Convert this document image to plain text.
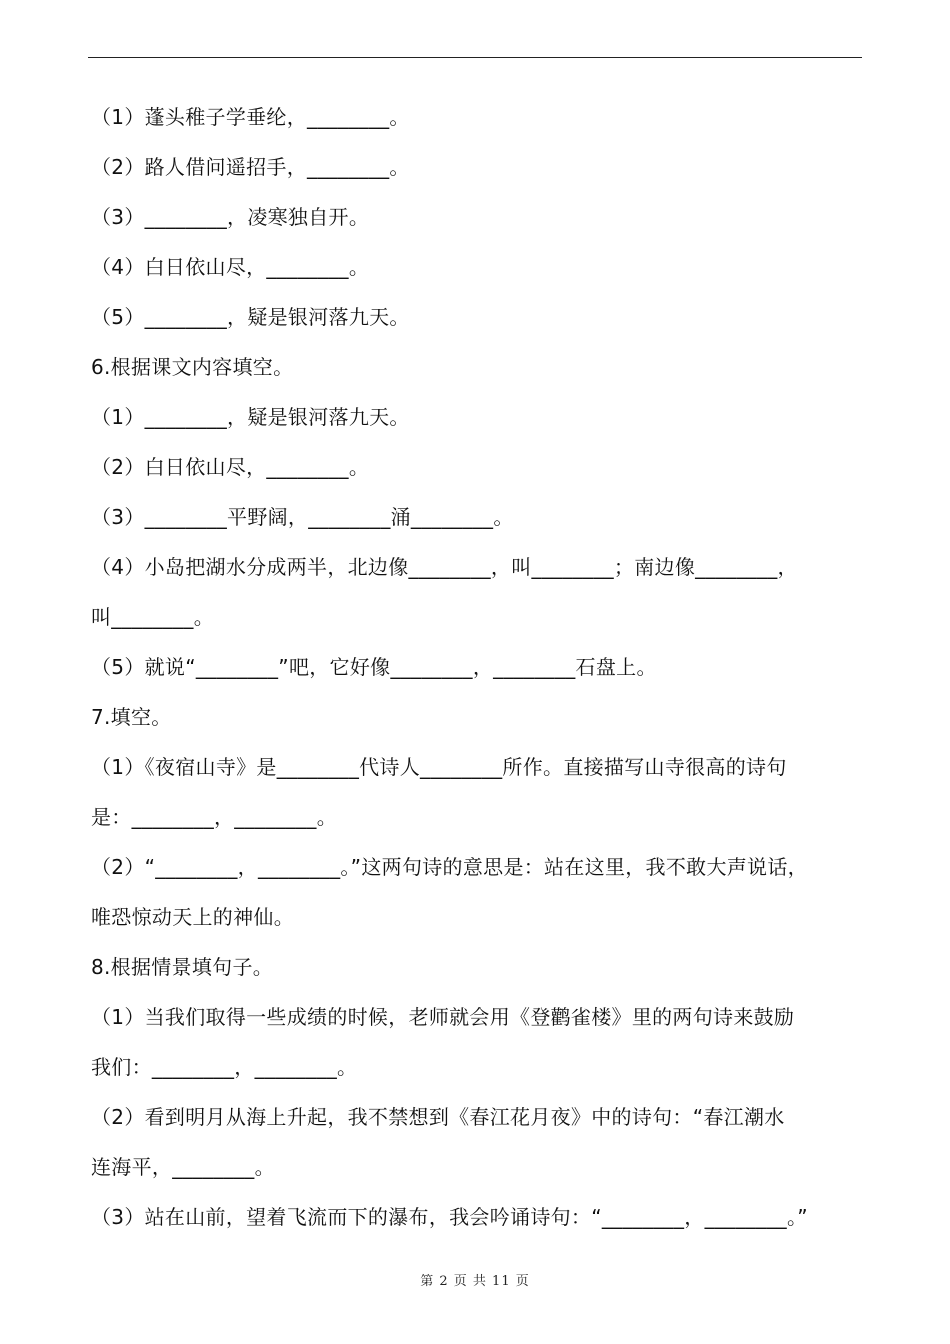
（1）蓬头稚子学垂纶，________。
（2）路人借问遥招手，________。
（3）________，凌寒独自开。
（4）白日依山尽，________。
（5）________，疑是银河落九天。
6.根据课文内容填空。
（1）________，疑是银河落九天。
（2）白日依山尽，________。
（3）________平野阔，________涌________。
（4）小岛把湖水分成两半，北边像________，叫________；南边像________，
叫________。
（5）就说“________”吧，它好像________，________石盘上。
7.填空。
（1）《夜宿山寺》是________代诗人________所作。直接描写山寺很高的诗句
是：________，________。
（2）“________，________。”这两句诗的意思是：站在这里，我不敢大声说话，
唯恐惊动天上的神仙。
8.根据情景填句子。
（1）当我们取得一些成绩的时候，老师就会用《登鹳雀楼》里的两句诗来鼓励
我们：________，________。
（2）看到明月从海上升起，我不禁想到《春江花月夜》中的诗句：“春江潮水
连海平，________。
（3）站在山前，望着飞流而下的瀑布，我会吟诵诗句：“________，________。”
第 2 页 共 11 页
